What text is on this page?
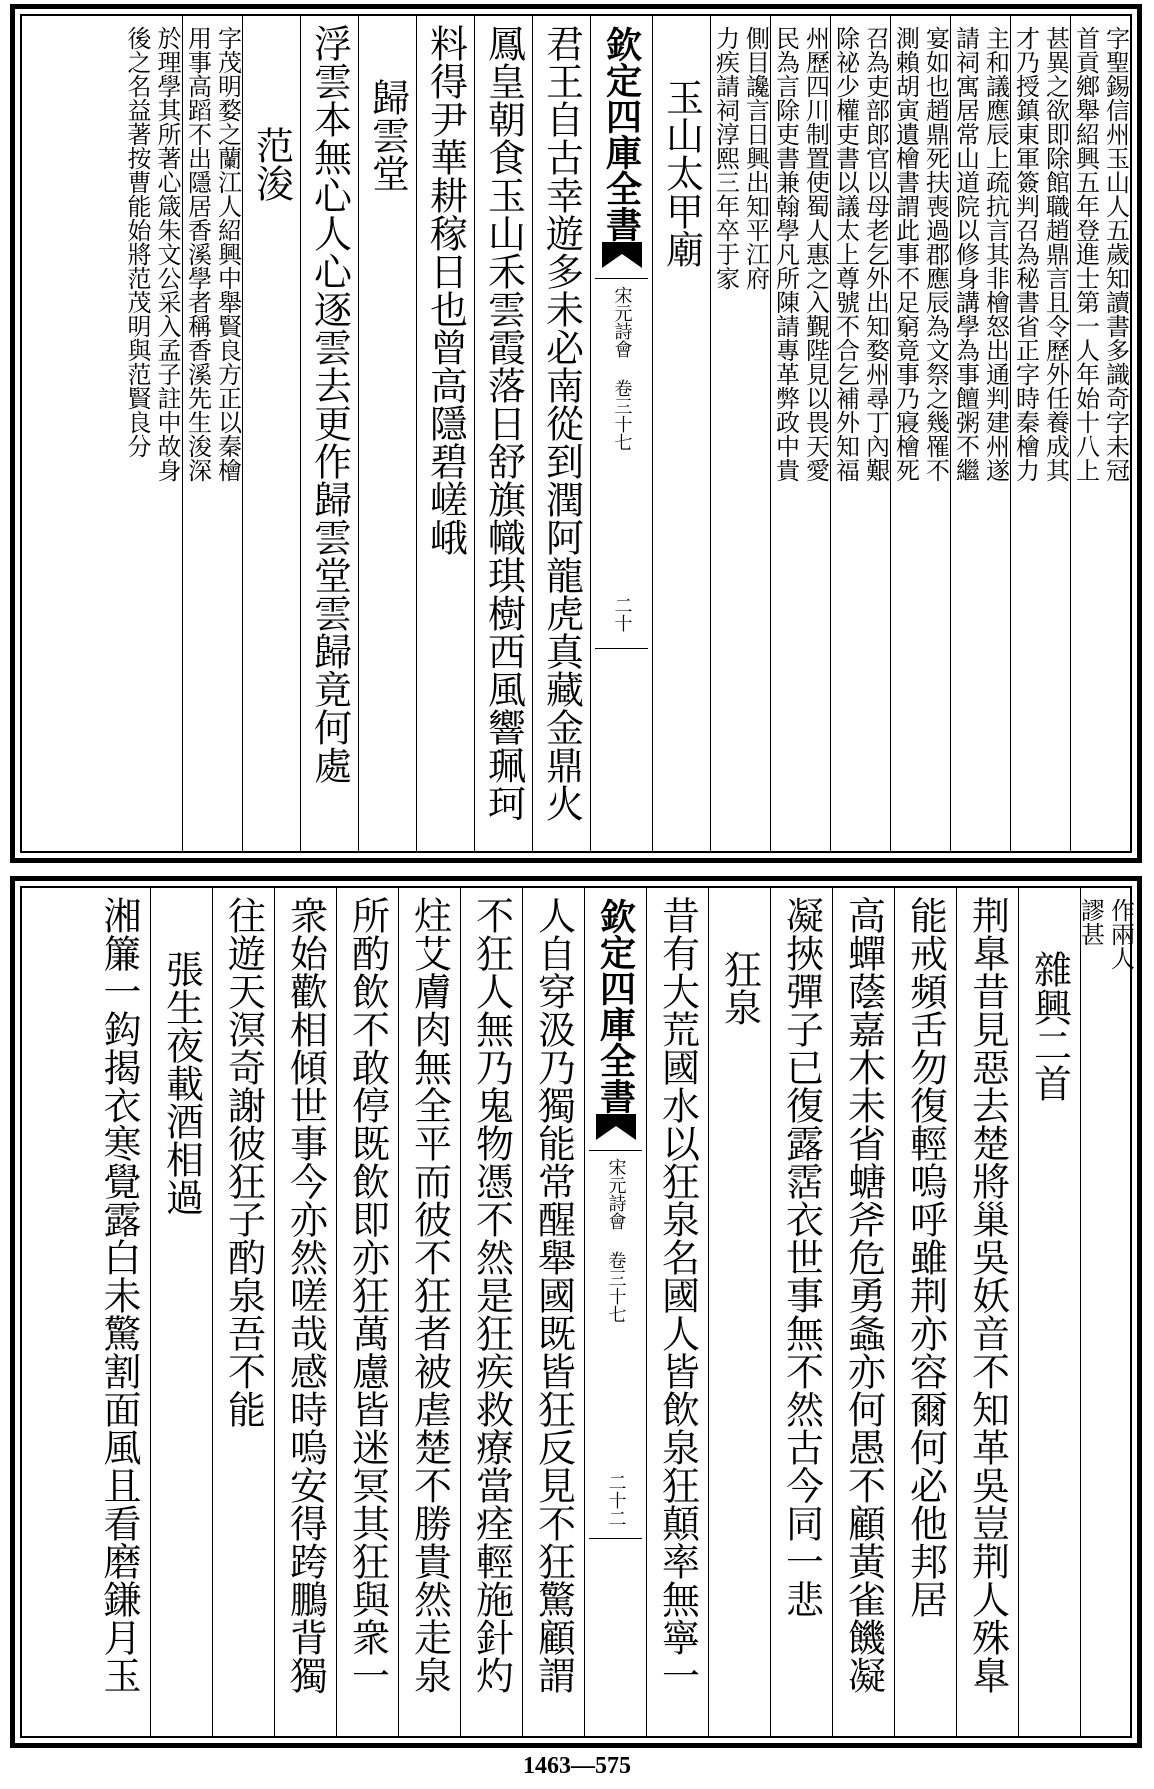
字聖錫信州玉山人五歲知讀書多識奇字未冠
首貢鄉舉紹興五年登進士第一人年始十八上
甚異之欲即除館職趙鼎言且令歷外任養成其
才乃授鎮東軍簽判召為秘書省正字時秦檜力
主和議應辰上疏抗言其非檜怒出通判建州遂
請祠寓居常山道院以修身講學為事饘粥不繼
宴如也趙鼎死扶喪過郡應辰為文祭之幾罹不
測賴胡寅遺檜書謂此事不足窮竟事乃寢檜死
召為吏部郎官以母老乞外出知婺州尋丁內艱
除祕少權吏書以議太上尊號不合乞補外知福
州歷四川制置使蜀人惠之入覲陛見以畏天愛
民為言除吏書兼翰學凡所陳請專革弊政中貴
側目讒言日興出知平江府
力疾請祠淳熙三年卒于家
玉山太甲廟
欽定四庫全書
宋元詩會 卷三十七
二十
君王自古幸遊多未必南從到潤阿龍虎真藏金鼎火
鳳皇朝食玉山禾雲霞落日舒旗幟琪樹西風響珮珂
料得尹華耕稼日也曾高隱碧嵯峨
歸雲堂
浮雲本無心人心逐雲去更作歸雲堂雲歸竟何處
范浚
字茂明婺之蘭江人紹興中舉賢良方正以秦檜
用事高蹈不出隱居香溪學者稱香溪先生浚深
於理學其所著心箴朱文公采入孟子註中故身
後之名益著按曹能始將范茂明與范賢良分
作兩人
謬甚
雜興二首
荆臯昔見惡去楚將巢吳妖音不知革吳豈荆人殊臯
能戒頻舌勿復輕嗚呼雖荆亦容爾何必他邦居
高蟬蔭嘉木未省螗斧危勇螽亦何愚不顧黃雀饑凝
凝挾彈子已復露霑衣世事無不然古今同一悲
狂泉
昔有大荒國水以狂泉名國人皆飲泉狂顛率無寧一
欽定四庫全書
宋元詩會 卷三十七
二十二
人自穿汲乃獨能常醒舉國既皆狂反見不狂驚顧謂
不狂人無乃鬼物憑不然是狂疾救療當痊輕施針灼
炷艾膚肉無全平而彼不狂者被虐楚不勝貴然走泉
所酌飲不敢停既飲即亦狂萬慮皆迷冥其狂與衆一
衆始歡相傾世事今亦然嗟哉感時嗚安得跨鵬背獨
往遊天溟奇謝彼狂子酌泉吾不能
張生夜載酒相過
湘簾一鈎揭衣寒覺露白未驚割面風且看磨鎌月玉
1463—575
